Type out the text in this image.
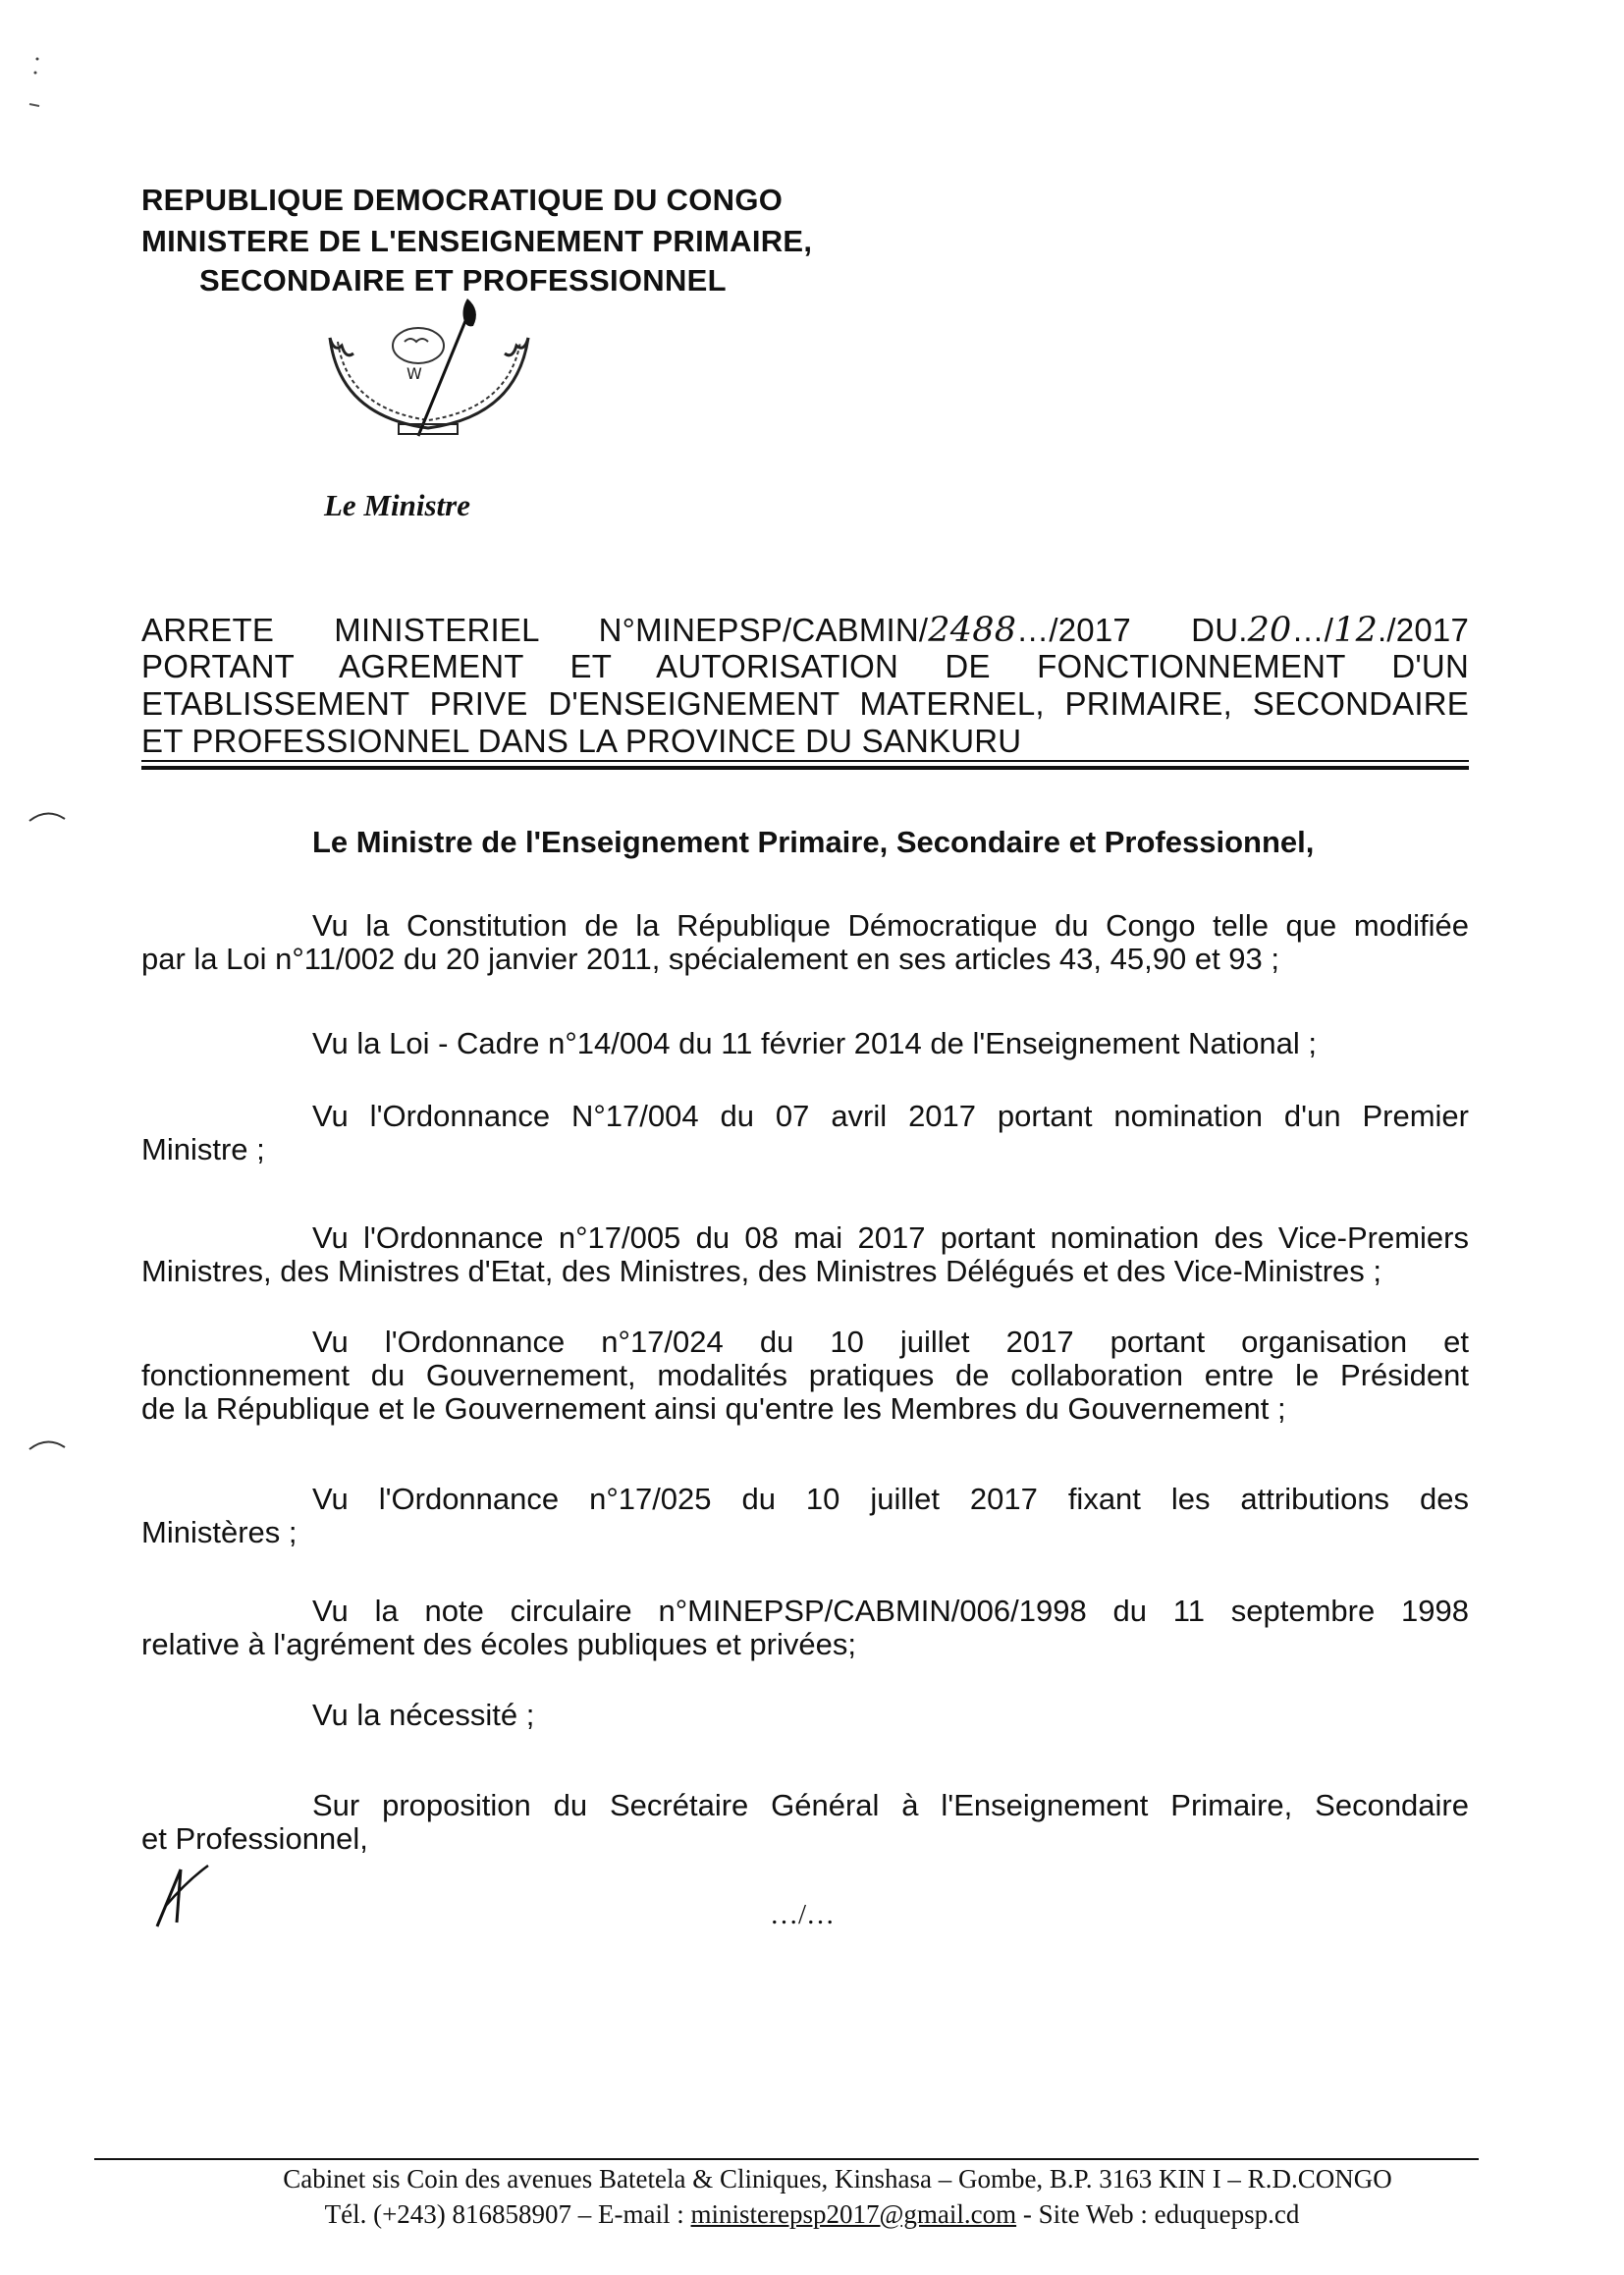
REPUBLIQUE DEMOCRATIQUE DU CONGO
MINISTERE DE L'ENSEIGNEMENT PRIMAIRE,
SECONDAIRE ET PROFESSIONNEL
W
Le Ministre
ARRETE MINISTERIEL N°MINEPSP/CABMIN/2488…/2017 DU.20…/12./2017
PORTANT AGREMENT ET AUTORISATION DE FONCTIONNEMENT D'UN
ETABLISSEMENT PRIVE D'ENSEIGNEMENT MATERNEL, PRIMAIRE, SECONDAIRE
ET PROFESSIONNEL DANS LA PROVINCE DU SANKURU
Le Ministre de l'Enseignement Primaire, Secondaire et Professionnel,
Vu la Constitution de la République Démocratique du Congo telle que modifiée
par la Loi n°11/002 du 20 janvier 2011, spécialement en ses articles 43, 45,90 et 93 ;
Vu la Loi - Cadre n°14/004 du 11 février 2014 de l'Enseignement National ;
Vu l'Ordonnance N°17/004 du 07 avril 2017 portant nomination d'un Premier
Ministre ;
Vu l'Ordonnance n°17/005 du 08 mai 2017 portant nomination des Vice-Premiers
Ministres, des Ministres d'Etat, des Ministres, des Ministres Délégués et des Vice-Ministres ;
Vu l'Ordonnance n°17/024 du 10 juillet 2017 portant organisation et
fonctionnement du Gouvernement, modalités pratiques de collaboration entre le Président
de la République et le Gouvernement ainsi qu'entre les Membres du Gouvernement ;
Vu l'Ordonnance n°17/025 du 10 juillet 2017 fixant les attributions des
Ministères ;
Vu la note circulaire n°MINEPSP/CABMIN/006/1998 du 11 septembre 1998
relative à l'agrément des écoles publiques et privées;
Vu la nécessité ;
Sur proposition du Secrétaire Général à l'Enseignement Primaire, Secondaire
et Professionnel,
…/…
Cabinet sis Coin des avenues Batetela & Cliniques, Kinshasa – Gombe, B.P. 3163 KIN I – R.D.CONGO
Tél. (+243) 816858907 – E-mail : ministerepsp2017@gmail.com - Site Web : eduquepsp.cd
